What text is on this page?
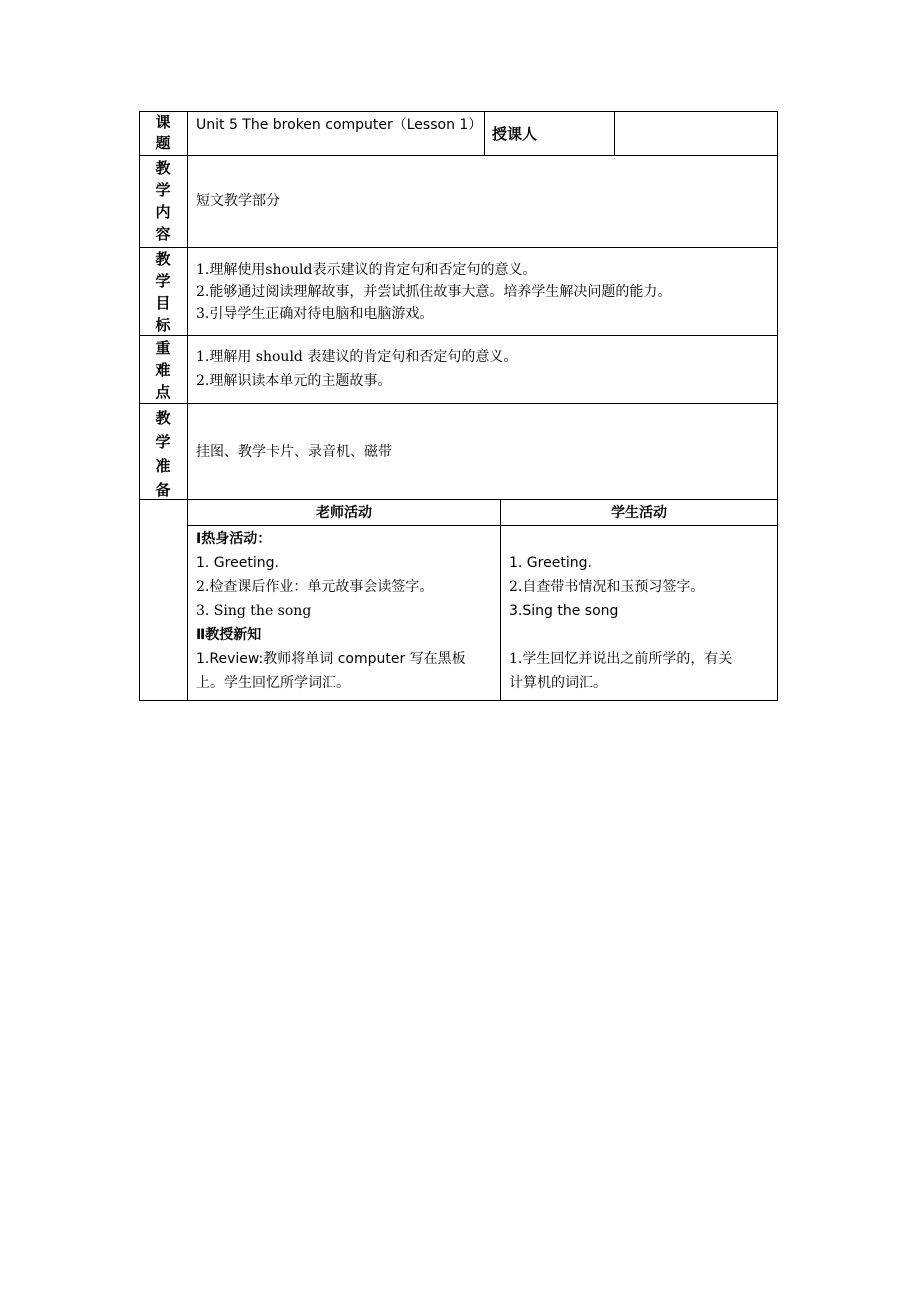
课
题
Unit 5 The broken computer（Lesson 1） 授课人
教
学
内
容
短文教学部分
教
学
目
标
1.理解使用should表示建议的肯定句和否定句的意义。
2.能够通过阅读理解故事，并尝试抓住故事大意。培养学生解决问题的能力。
3.引导学生正确对待电脑和电脑游戏。
重
难
点
1.理解用 should 表建议的肯定句和否定句的意义。
2.理解识读本单元的主题故事。
教
学
准
备
挂图、教学卡片、录音机、磁带
老师活动	学生活动
Ⅰ热身活动：
1. Greeting.
2.检查课后作业：单元故事会读签字。
3. Sing the song
Ⅱ教授新知
1.Review:教师将单词 computer 写在黑板
上。学生回忆所学词汇。
1. Greeting.
2.自查带书情况和玉预习签字。
3.Sing the song
1.学生回忆并说出之前所学的，有关
计算机的词汇。
